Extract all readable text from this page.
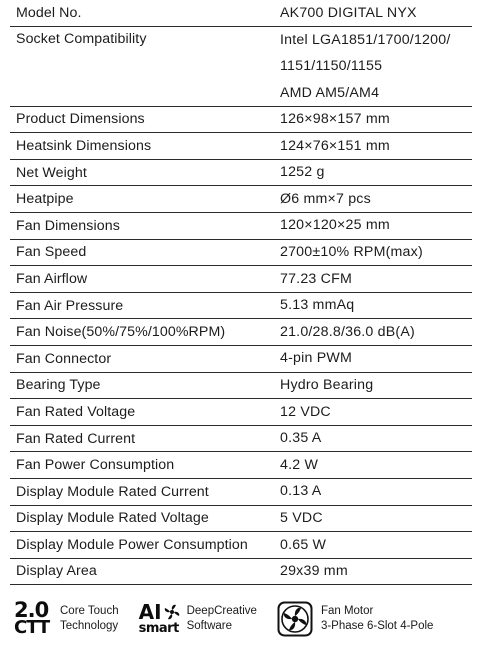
Model No.	AK700 DIGITAL NYX
Socket Compatibility	Intel LGA1851/1700/1200/
1151/1150/1155
AMD AM5/AM4
Product Dimensions	126×98×157 mm
Heatsink Dimensions	124×76×151 mm
Net Weight	1252 g
Heatpipe	Ø6 mm×7 pcs
Fan Dimensions	120×120×25 mm
Fan Speed	2700±10% RPM(max)
Fan Airflow	77.23 CFM
Fan Air Pressure	5.13 mmAq
Fan Noise(50%/75%/100%RPM)	21.0/28.8/36.0 dB(A)
Fan Connector	4-pin PWM
Bearing Type	Hydro Bearing
Fan Rated Voltage	12 VDC
Fan Rated Current	0.35 A
Fan Power Consumption	4.2 W
Display Module Rated Current	0.13 A
Display Module Rated Voltage	5 VDC
Display Module Power Consumption	0.65 W
Display Area	29x39 mm
2.0
CTT
Core Touch
Technology
AI
smart
DeepCreative
Software
Fan Motor
3-Phase 6-Slot 4-Pole
